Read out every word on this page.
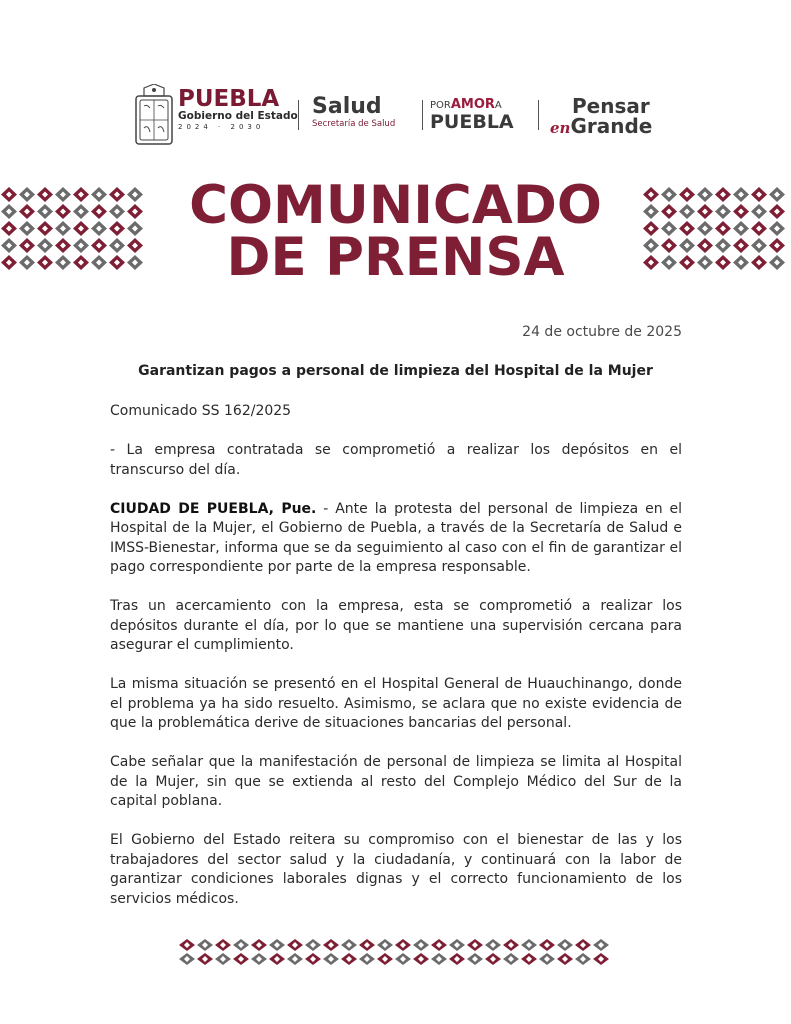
PUEBLA
Gobierno del Estado
2024 · 2030
Salud
Secretaría de Salud
PORAMORA
PUEBLA
Pensar
enGrande
COMUNICADO
DE PRENSA
24 de octubre de 2025
Garantizan pagos a personal de limpieza del Hospital de la Mujer

Comunicado SS 162/2025

- La empresa contratada se comprometió a realizar los depósitos en el transcurso del día.

CIUDAD DE PUEBLA, Pue. - Ante la protesta del personal de limpieza en el Hospital de la Mujer, el Gobierno de Puebla, a través de la Secretaría de Salud e IMSS-Bienestar, informa que se da seguimiento al caso con el fin de garantizar el pago correspondiente por parte de la empresa responsable.

Tras un acercamiento con la empresa, esta se comprometió a realizar los depósitos durante el día, por lo que se mantiene una supervisión cercana para asegurar el cumplimiento.

La misma situación se presentó en el Hospital General de Huauchinango, donde el problema ya ha sido resuelto. Asimismo, se aclara que no existe evidencia de que la problemática derive de situaciones bancarias del personal.

Cabe señalar que la manifestación de personal de limpieza se limita al Hospital de la Mujer, sin que se extienda al resto del Complejo Médico del Sur de la capital poblana.

El Gobierno del Estado reitera su compromiso con el bienestar de las y los trabajadores del sector salud y la ciudadanía, y continuará con la labor de garantizar condiciones laborales dignas y el correcto funcionamiento de los servicios médicos.
